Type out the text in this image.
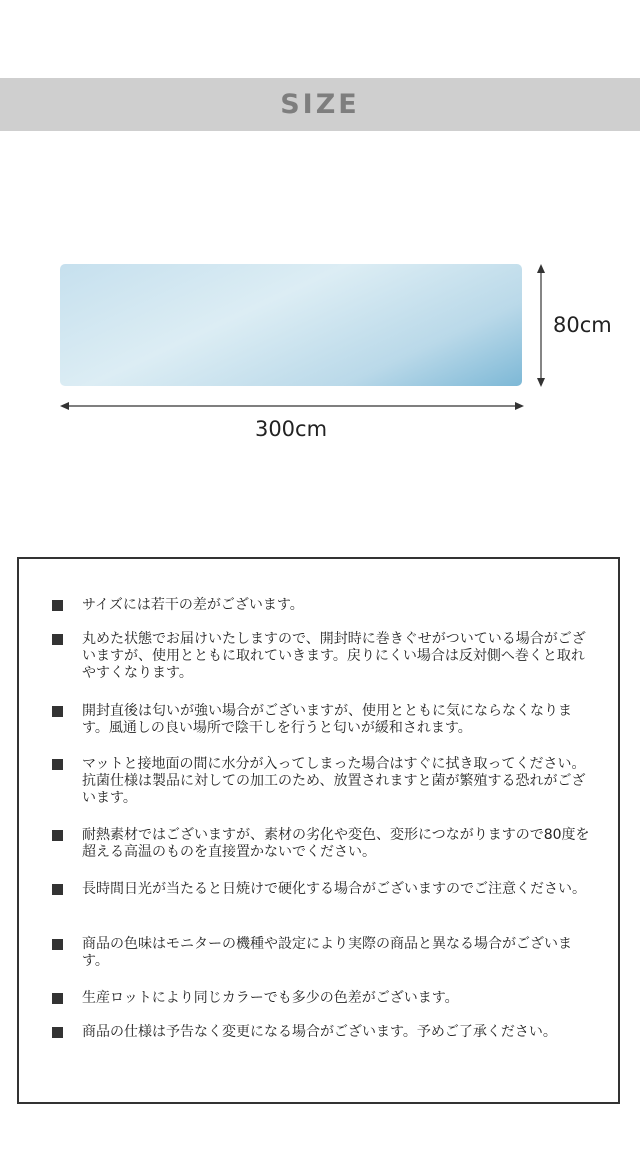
SIZE
300cm
80cm
サイズには若干の差がございます。
丸めた状態でお届けいたしますので、開封時に巻きぐせがついている場合がございますが、使用とともに取れていきます。戻りにくい場合は反対側へ巻くと取れやすくなります。
開封直後は匂いが強い場合がございますが、使用とともに気にならなくなります。風通しの良い場所で陰干しを行うと匂いが緩和されます。
マットと接地面の間に水分が入ってしまった場合はすぐに拭き取ってください。抗菌仕様は製品に対しての加工のため、放置されますと菌が繁殖する恐れがございます。
耐熱素材ではございますが、素材の劣化や変色、変形につながりますので80度を超える高温のものを直接置かないでください。
長時間日光が当たると日焼けで硬化する場合がございますのでご注意ください。
商品の色味はモニターの機種や設定により実際の商品と異なる場合がございます。
生産ロットにより同じカラーでも多少の色差がございます。
商品の仕様は予告なく変更になる場合がございます。予めご了承ください。
